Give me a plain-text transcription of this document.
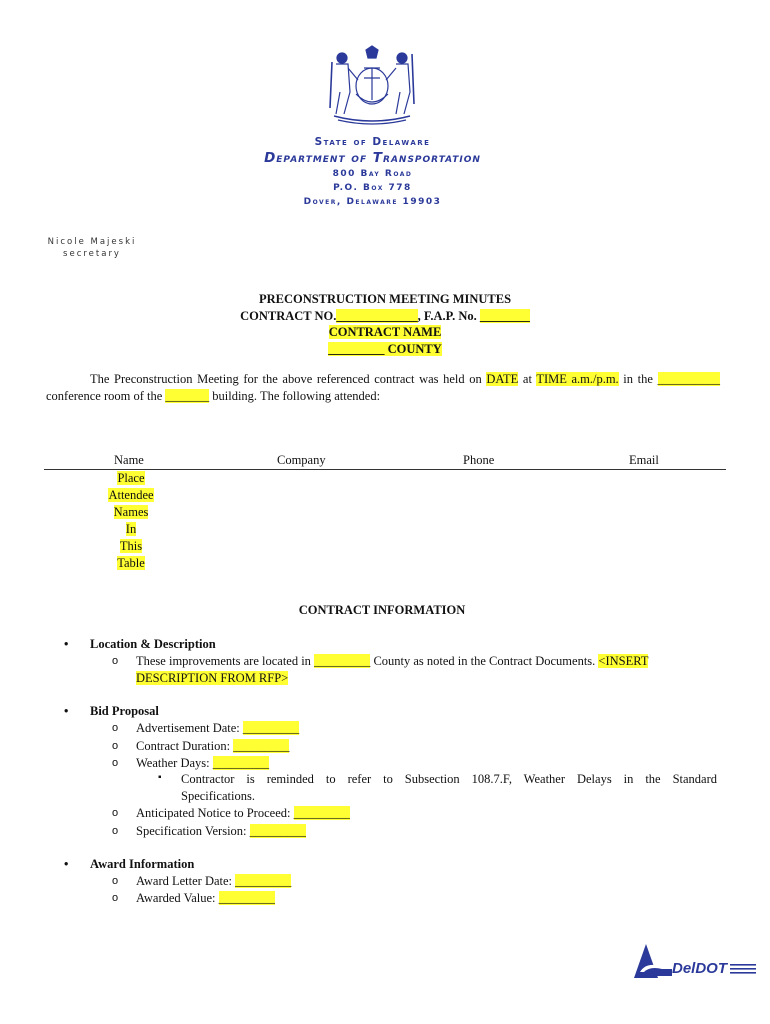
State of Delaware
Department of Transportation
800 Bay Road
P.O. Box 778
Dover, Delaware 19903
Nicole Majeski
secretary
PRECONSTRUCTION MEETING MINUTES
CONTRACT NO._____________, F.A.P. No. ________
CONTRACT NAME
_________ COUNTY
The Preconstruction Meeting for the above referenced contract was held on DATE at TIME a.m./p.m. in the __________ conference room of the _______ building. The following attended:
Name	Company	Phone	Email
Place
Attendee
Names
In
This
Table
CONTRACT INFORMATION
• Location & Description
o These improvements are located in _________ County as noted in the Contract Documents. <INSERT
DESCRIPTION FROM RFP>
• Bid Proposal
o Advertisement Date: _________
o Contract Duration: _________
o Weather Days: _________
▪ Contractor is reminded to refer to Subsection 108.7.F, Weather Delays in the Standard
Specifications.
o Anticipated Notice to Proceed: _________
o Specification Version: _________
• Award Information
o Award Letter Date: _________
o Awarded Value: _________
DelDOT
